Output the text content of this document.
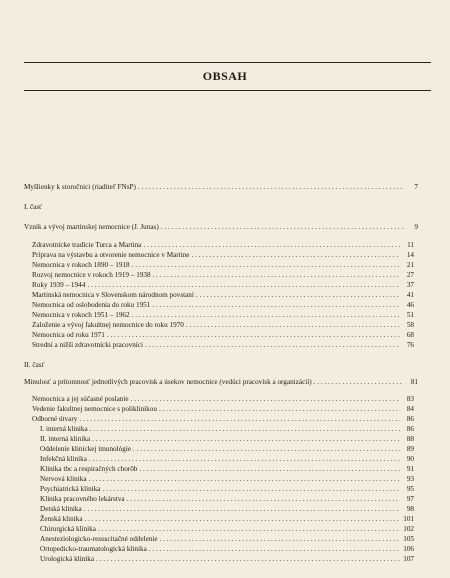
OBSAH
Myšlienky k storočnici (riaditeľ FNsP) . . .	7
I. časť
Vznik a vývoj martinskej nemocnice (J. Junas) . . .	9
Zdravotnícke tradície Turca a Martina . . .	11
Príprava na výstavbu a otvorenie nemocnice v Martine . . .	14
Nemocnica v rokoch 1890 – 1918 . . .	21
Rozvoj nemocnice v rokoch 1919 – 1938 . . .	27
Roky 1939 – 1944 . . .	37
Martinská nemocnica v Slovenskom národnom povstaní . . .	41
Nemocnica od oslobodenia do roku 1951 . . .	46
Nemocnica v rokoch 1951 – 1962 . . .	51
Založenie a vývoj fakultnej nemocnice do roku 1970 . . .	58
Nemocnica od roku 1971 . . .	68
Strední a nižší zdravotnícki pracovníci . . .	76
II. časť
Minulosť a prítomnosť jednotlivých pracovísk a úsekov nemocnice (vedúci pracovísk a organizácií) . . .	81
Nemocnica a jej súčasné poslanie . . .	83
Vedenie fakultnej nemocnice s poliklinikou . . .	84
Odborné útvary . . .	86
I. interná klinika . . .	86
II. interná klinika . . .	88
Oddelenie klinickej imunológie . . .	89
Infekčná klinika . . .	90
Klinika tbc a respiračných chorôb . . .	91
Nervová klinika . . .	93
Psychiatrická klinika . . .	95
Klinika pracovného lekárstva . . .	97
Detská klinika . . .	98
Ženská klinika . . .	101
Chirurgická klinika . . .	102
Anesteziologicko-resuscitačné oddelenie . . .	105
Ortopedicko-traumatologická klinika . . .	106
Urologická klinika . . .	107
